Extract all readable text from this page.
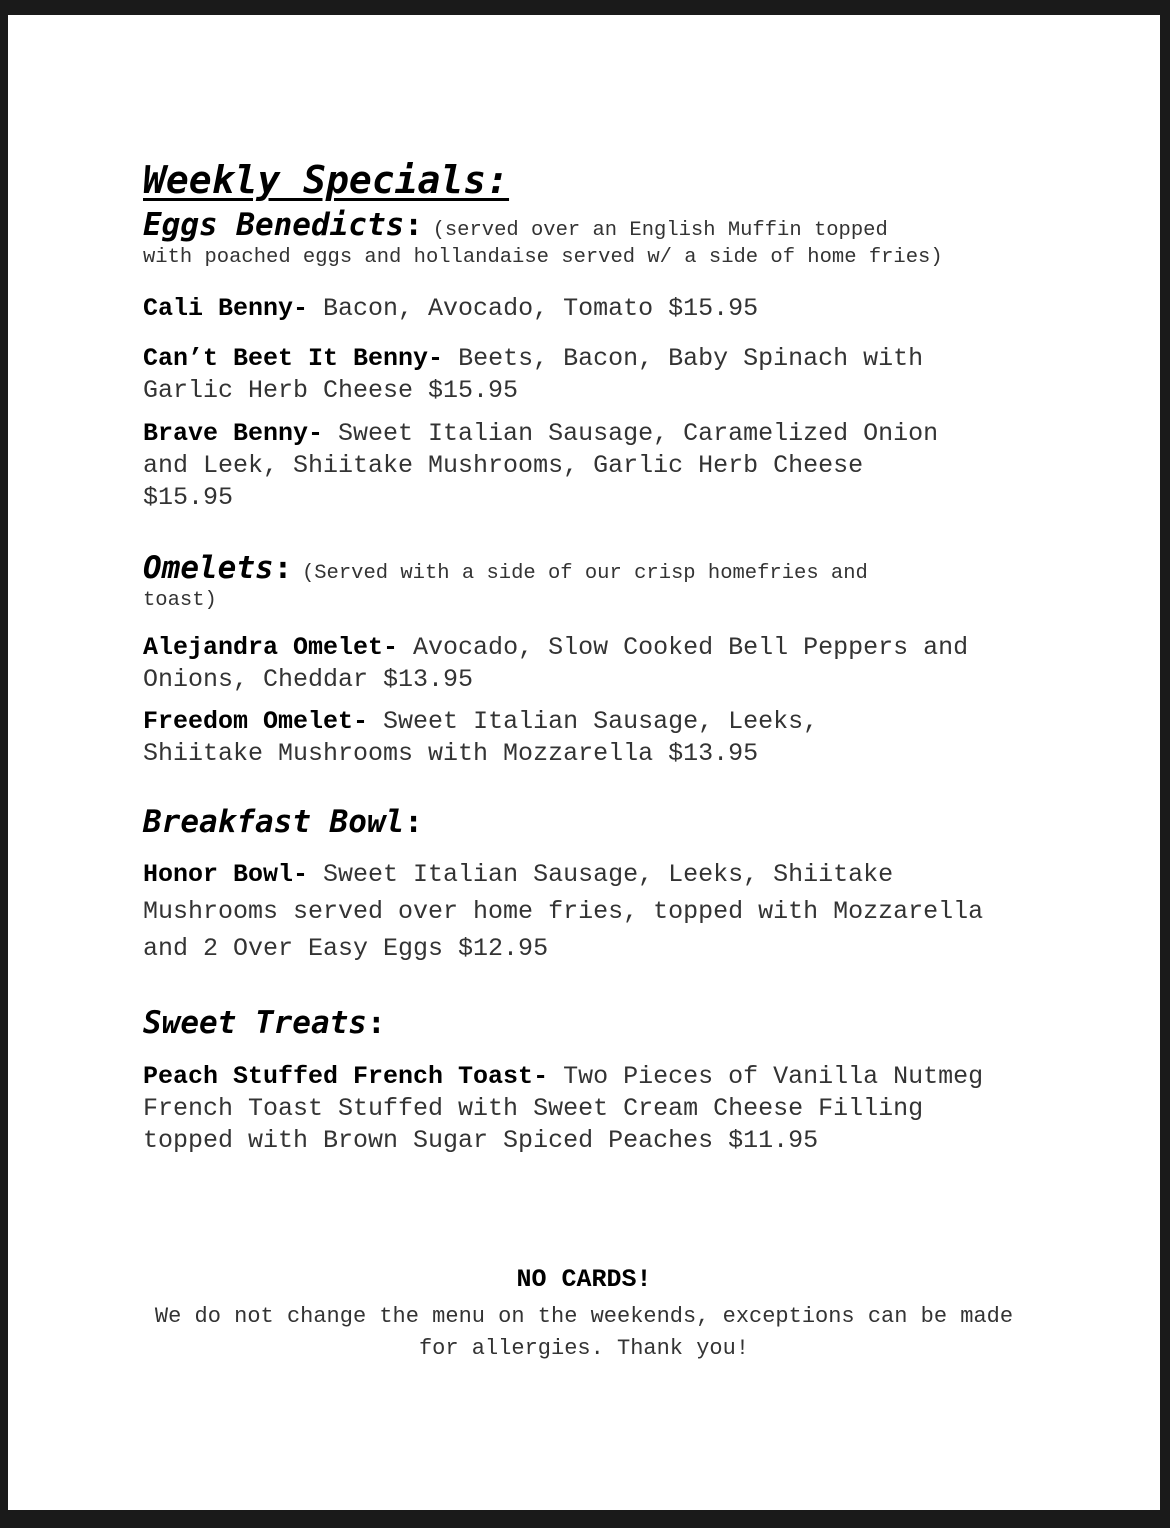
Weekly Specials:

Eggs Benedicts: (served over an English Muffin topped

with poached eggs and hollandaise served w/ a side of home fries)

Cali Benny- Bacon, Avocado, Tomato $15.95

Can’t Beet It Benny- Beets, Bacon, Baby Spinach with Garlic Herb Cheese $15.95

Brave Benny- Sweet Italian Sausage, Caramelized Onion and Leek, Shiitake Mushrooms, Garlic Herb Cheese $15.95

Omelets: (Served with a side of our crisp homefries and

toast)

Alejandra Omelet- Avocado, Slow Cooked Bell Peppers and Onions, Cheddar $13.95

Freedom Omelet- Sweet Italian Sausage, Leeks, Shiitake Mushrooms with Mozzarella $13.95

Breakfast Bowl:

Honor Bowl- Sweet Italian Sausage, Leeks, Shiitake Mushrooms served over home fries, topped with Mozzarella and 2 Over Easy Eggs $12.95

Sweet Treats:

Peach Stuffed French Toast- Two Pieces of Vanilla Nutmeg French Toast Stuffed with Sweet Cream Cheese Filling topped with Brown Sugar Spiced Peaches $11.95

NO CARDS!

We do not change the menu on the weekends, exceptions can be made for allergies. Thank you!
